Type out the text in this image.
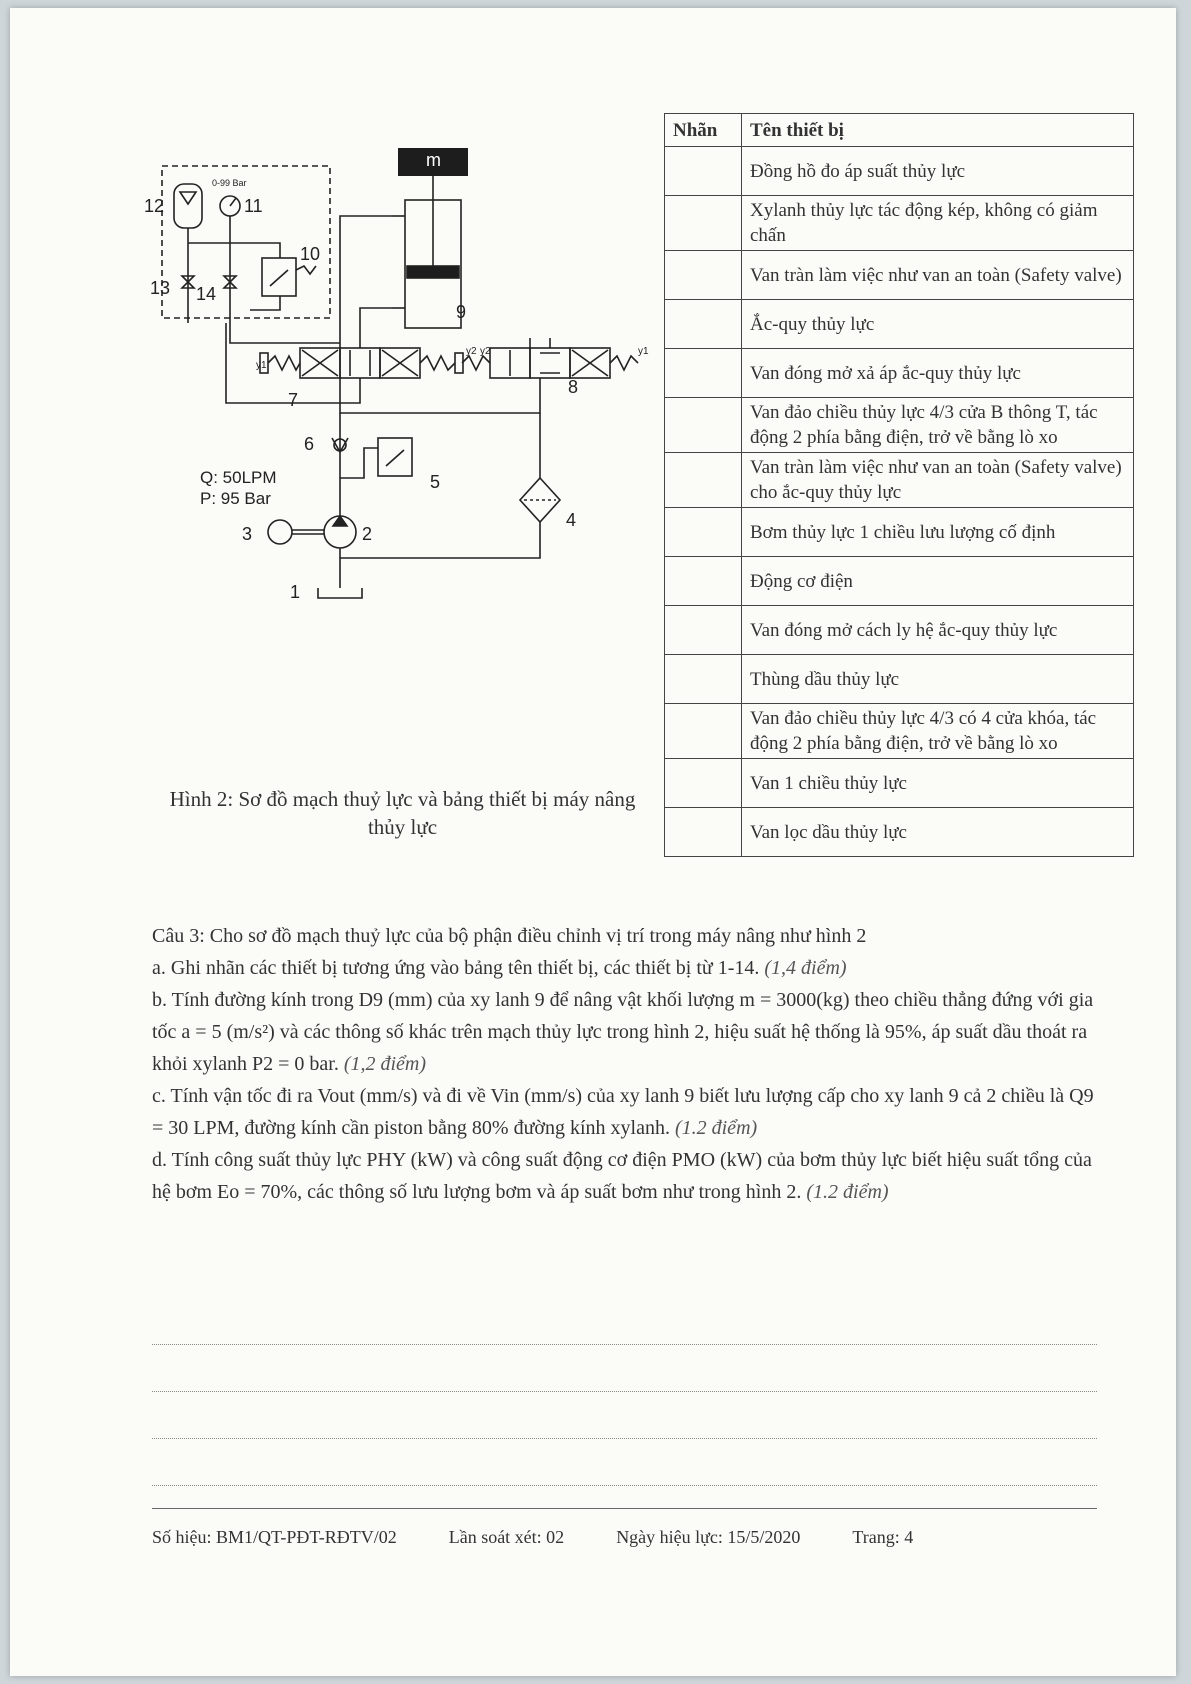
m
0-99 Bar
Q: 50LPM
P: 95 Bar
1
2
3
4
5
6
7
8
9
10
11
12
13 14
y1
y2 y2	y1
Hình 2: Sơ đồ mạch thuỷ lực và bảng thiết bị máy nâng thủy lực
Nhãn	Tên thiết bị
	Đồng hồ đo áp suất thủy lực
	Xylanh thủy lực tác động kép, không có giảm chấn
	Van tràn làm việc như van an toàn (Safety valve)
	Ắc-quy thủy lực
	Van đóng mở xả áp ắc-quy thủy lực
	Van đảo chiều thủy lực 4/3 cửa B thông T, tác động 2 phía bằng điện, trở về bằng lò xo
	Van tràn làm việc như van an toàn (Safety valve) cho ắc-quy thủy lực
	Bơm thủy lực 1 chiều lưu lượng cố định
	Động cơ điện
	Van đóng mở cách ly hệ ắc-quy thủy lực
	Thùng dầu thủy lực
	Van đảo chiều thủy lực 4/3 có 4 cửa khóa, tác động 2 phía bằng điện, trở về bằng lò xo
	Van 1 chiều thủy lực
	Van lọc dầu thủy lực

Câu 3: Cho sơ đồ mạch thuỷ lực của bộ phận điều chỉnh vị trí trong máy nâng như hình 2

a. Ghi nhãn các thiết bị tương ứng vào bảng tên thiết bị, các thiết bị từ 1-14. (1,4 điểm)

b. Tính đường kính trong D9 (mm) của xy lanh 9 để nâng vật khối lượng m = 3000(kg) theo chiều thẳng đứng với gia tốc a = 5 (m/s²) và các thông số khác trên mạch thủy lực trong hình 2, hiệu suất hệ thống là 95%, áp suất dầu thoát ra khỏi xylanh P2 = 0 bar. (1,2 điểm)

c. Tính vận tốc đi ra Vout (mm/s) và đi về Vin (mm/s) của xy lanh 9 biết lưu lượng cấp cho xy lanh 9 cả 2 chiều là Q9 = 30 LPM, đường kính cần piston bằng 80% đường kính xylanh. (1.2 điểm)

d. Tính công suất thủy lực PHY (kW) và công suất động cơ điện PMO (kW) của bơm thủy lực biết hiệu suất tổng của hệ bơm Eo = 70%, các thông số lưu lượng bơm và áp suất bơm như trong hình 2. (1.2 điểm)

Số hiệu: BM1/QT-PĐT-RĐTV/02	Lần soát xét: 02	Ngày hiệu lực: 15/5/2020	Trang: 4
